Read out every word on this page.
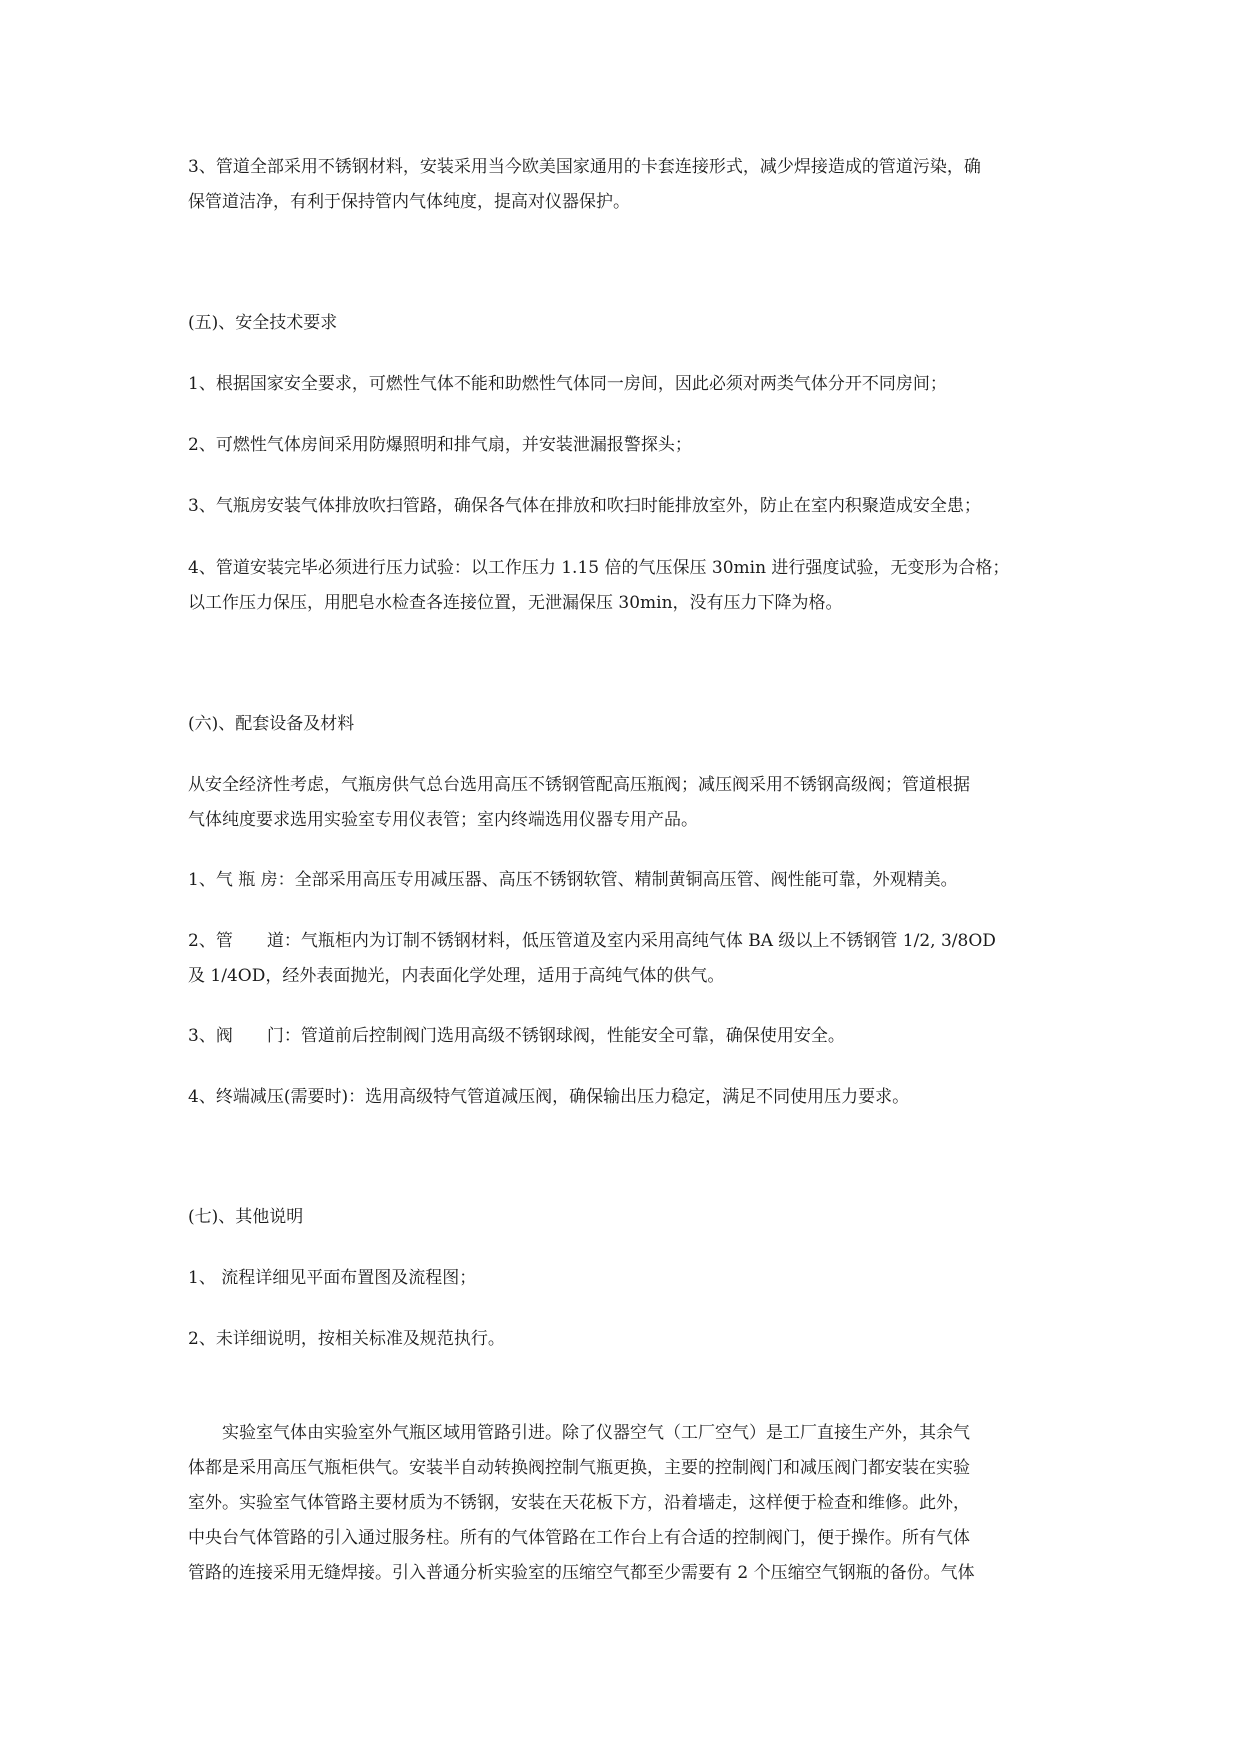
3、管道全部采用不锈钢材料，安装采用当今欧美国家通用的卡套连接形式，减少焊接造成的管道污染，确
保管道洁净，有利于保持管内气体纯度，提高对仪器保护。

(五)、安全技术要求

1、根据国家安全要求，可燃性气体不能和助燃性气体同一房间，因此必须对两类气体分开不同房间；

2、可燃性气体房间采用防爆照明和排气扇，并安装泄漏报警探头；

3、气瓶房安装气体排放吹扫管路，确保各气体在排放和吹扫时能排放室外，防止在室内积聚造成安全患；

4、管道安装完毕必须进行压力试验：以工作压力 1.15 倍的气压保压 30min 进行强度试验，无变形为合格；
以工作压力保压，用肥皂水检查各连接位置，无泄漏保压 30min，没有压力下降为格。

(六)、配套设备及材料

从安全经济性考虑，气瓶房供气总台选用高压不锈钢管配高压瓶阀；减压阀采用不锈钢高级阀；管道根据
气体纯度要求选用实验室专用仪表管；室内终端选用仪器专用产品。

1、气 瓶 房：全部采用高压专用减压器、高压不锈钢软管、精制黄铜高压管、阀性能可靠，外观精美。

2、管　　道：气瓶柜内为订制不锈钢材料，低压管道及室内采用高纯气体 BA 级以上不锈钢管 1/2, 3/8OD
及 1/4OD，经外表面抛光，内表面化学处理，适用于高纯气体的供气。

3、阀　　门：管道前后控制阀门选用高级不锈钢球阀，性能安全可靠，确保使用安全。

4、终端减压(需要时)：选用高级特气管道减压阀，确保输出压力稳定，满足不同使用压力要求。

(七)、其他说明

1、 流程详细见平面布置图及流程图；

2、未详细说明，按相关标准及规范执行。

　　实验室气体由实验室外气瓶区域用管路引进。除了仪器空气（工厂空气）是工厂直接生产外，其余气
体都是采用高压气瓶柜供气。安装半自动转换阀控制气瓶更换，主要的控制阀门和减压阀门都安装在实验
室外。实验室气体管路主要材质为不锈钢，安装在天花板下方，沿着墙走，这样便于检查和维修。此外，
中央台气体管路的引入通过服务柱。所有的气体管路在工作台上有合适的控制阀门，便于操作。所有气体
管路的连接采用无缝焊接。引入普通分析实验室的压缩空气都至少需要有 2 个压缩空气钢瓶的备份。气体
